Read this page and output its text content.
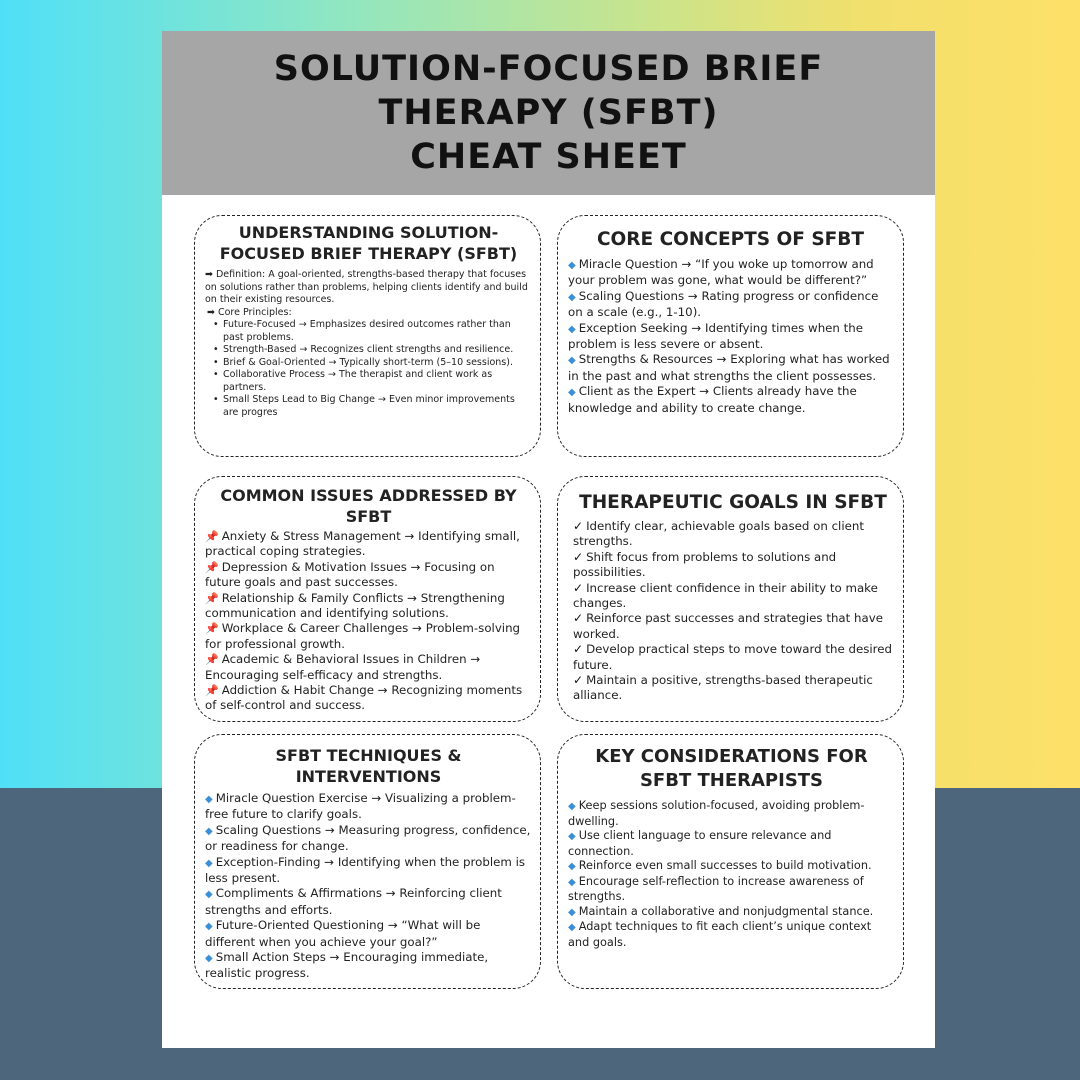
SOLUTION-FOCUSED BRIEF
THERAPY (SFBT)
CHEAT SHEET
UNDERSTANDING SOLUTION-FOCUSED BRIEF THERAPY (SFBT)
➡ Definition: A goal-oriented, strengths-based therapy that focuses on solutions rather than problems, helping clients identify and build on their existing resources.
➡ Core Principles:
• Future-Focused → Emphasizes desired outcomes rather than past problems.
• Strength-Based → Recognizes client strengths and resilience.
• Brief & Goal-Oriented → Typically short-term (5–10 sessions).
• Collaborative Process → The therapist and client work as partners.
• Small Steps Lead to Big Change → Even minor improvements are progres
CORE CONCEPTS OF SFBT
◆ Miracle Question → “If you woke up tomorrow and your problem was gone, what would be different?”
◆ Scaling Questions → Rating progress or confidence on a scale (e.g., 1-10).
◆ Exception Seeking → Identifying times when the problem is less severe or absent.
◆ Strengths & Resources → Exploring what has worked in the past and what strengths the client possesses.
◆ Client as the Expert → Clients already have the knowledge and ability to create change.
COMMON ISSUES ADDRESSED BY SFBT
📌 Anxiety & Stress Management → Identifying small, practical coping strategies.
📌 Depression & Motivation Issues → Focusing on future goals and past successes.
📌 Relationship & Family Conflicts → Strengthening communication and identifying solutions.
📌 Workplace & Career Challenges → Problem-solving for professional growth.
📌 Academic & Behavioral Issues in Children → Encouraging self-efficacy and strengths.
📌 Addiction & Habit Change → Recognizing moments of self-control and success.
THERAPEUTIC GOALS IN SFBT
✓ Identify clear, achievable goals based on client strengths.
✓ Shift focus from problems to solutions and possibilities.
✓ Increase client confidence in their ability to make changes.
✓ Reinforce past successes and strategies that have worked.
✓ Develop practical steps to move toward the desired future.
✓ Maintain a positive, strengths-based therapeutic alliance.
SFBT TECHNIQUES & INTERVENTIONS
◆ Miracle Question Exercise → Visualizing a problem-free future to clarify goals.
◆ Scaling Questions → Measuring progress, confidence, or readiness for change.
◆ Exception-Finding → Identifying when the problem is less present.
◆ Compliments & Affirmations → Reinforcing client strengths and efforts.
◆ Future-Oriented Questioning → “What will be different when you achieve your goal?”
◆ Small Action Steps → Encouraging immediate, realistic progress.
KEY CONSIDERATIONS FOR SFBT THERAPISTS
◆ Keep sessions solution-focused, avoiding problem-dwelling.
◆ Use client language to ensure relevance and connection.
◆ Reinforce even small successes to build motivation.
◆ Encourage self-reflection to increase awareness of strengths.
◆ Maintain a collaborative and nonjudgmental stance.
◆ Adapt techniques to fit each client’s unique context and goals.
